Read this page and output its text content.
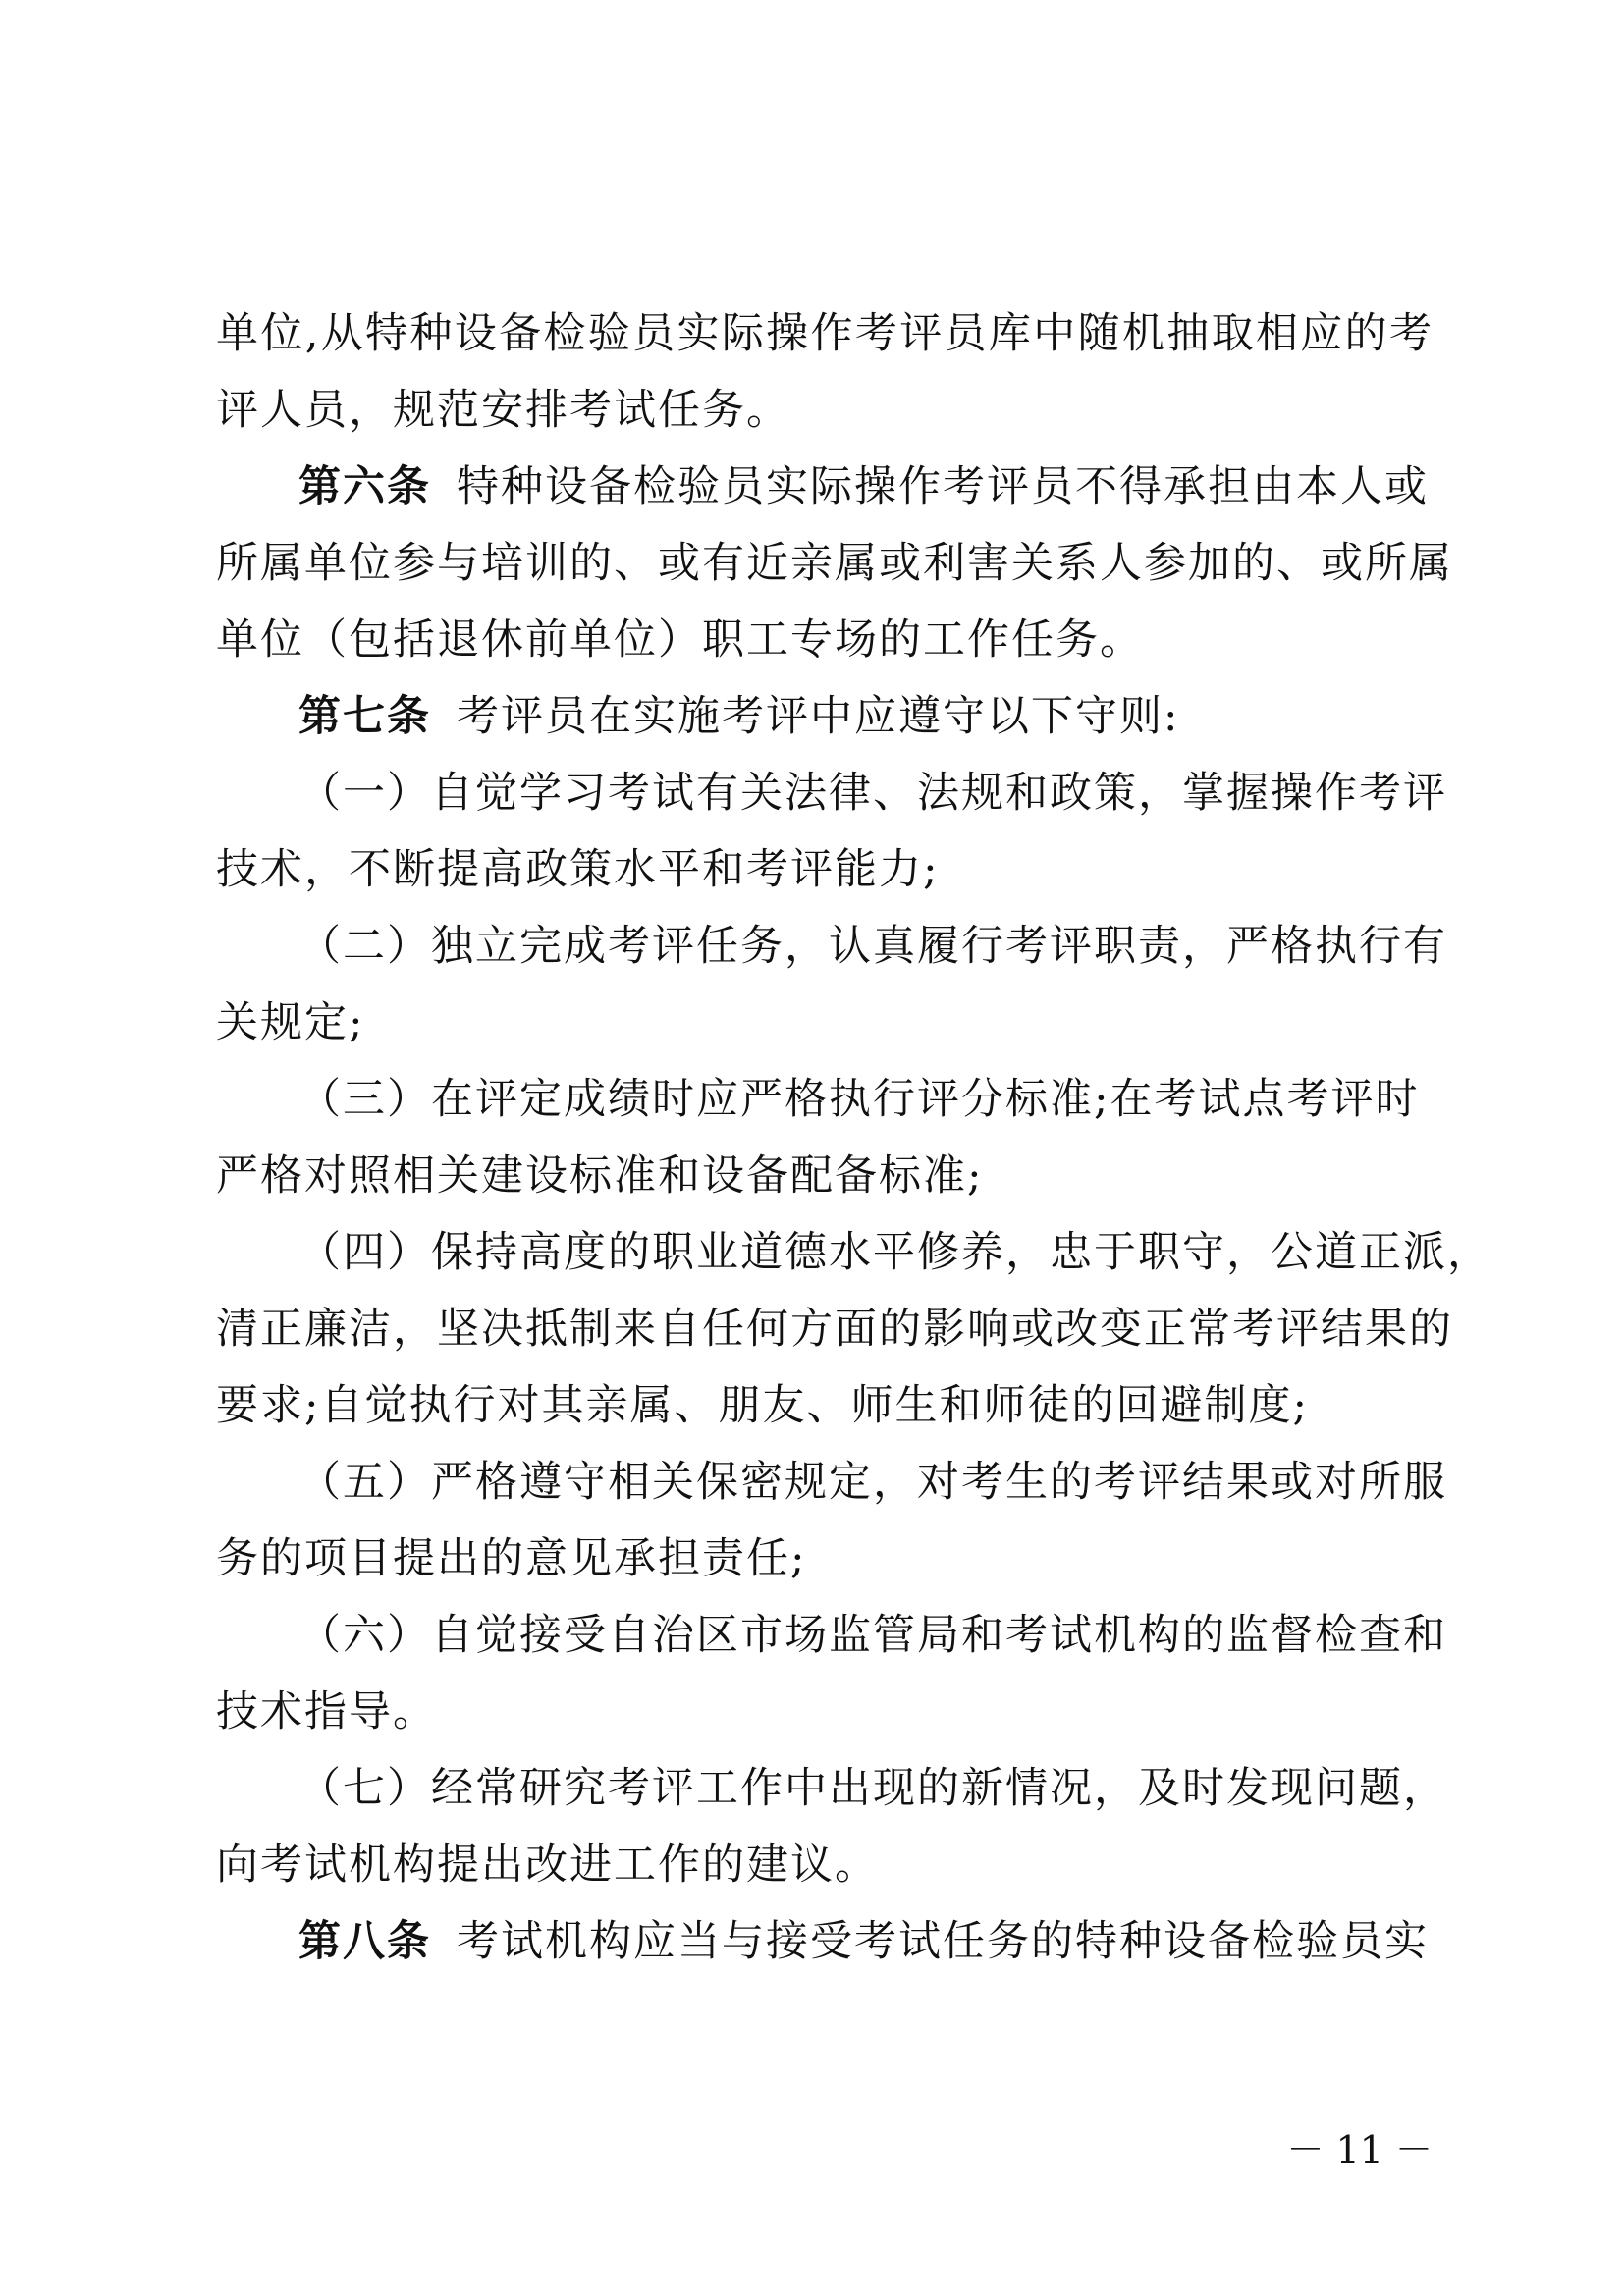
单位,从特种设备检验员实际操作考评员库中随机抽取相应的考
评人员，规范安排考试任务。
第六条 特种设备检验员实际操作考评员不得承担由本人或
所属单位参与培训的、或有近亲属或利害关系人参加的、或所属
单位（包括退休前单位）职工专场的工作任务。
第七条 考评员在实施考评中应遵守以下守则:
（一）自觉学习考试有关法律、法规和政策，掌握操作考评
技术，不断提高政策水平和考评能力;
（二）独立完成考评任务，认真履行考评职责，严格执行有
关规定;
（三）在评定成绩时应严格执行评分标准;在考试点考评时
严格对照相关建设标准和设备配备标准;
（四）保持高度的职业道德水平修养，忠于职守，公道正派，
清正廉洁，坚决抵制来自任何方面的影响或改变正常考评结果的
要求;自觉执行对其亲属、朋友、师生和师徒的回避制度;
（五）严格遵守相关保密规定，对考生的考评结果或对所服
务的项目提出的意见承担责任;
（六）自觉接受自治区市场监管局和考试机构的监督检查和
技术指导。
（七）经常研究考评工作中出现的新情况，及时发现问题，
向考试机构提出改进工作的建议。
第八条 考试机构应当与接受考试任务的特种设备检验员实
－ 11 －
